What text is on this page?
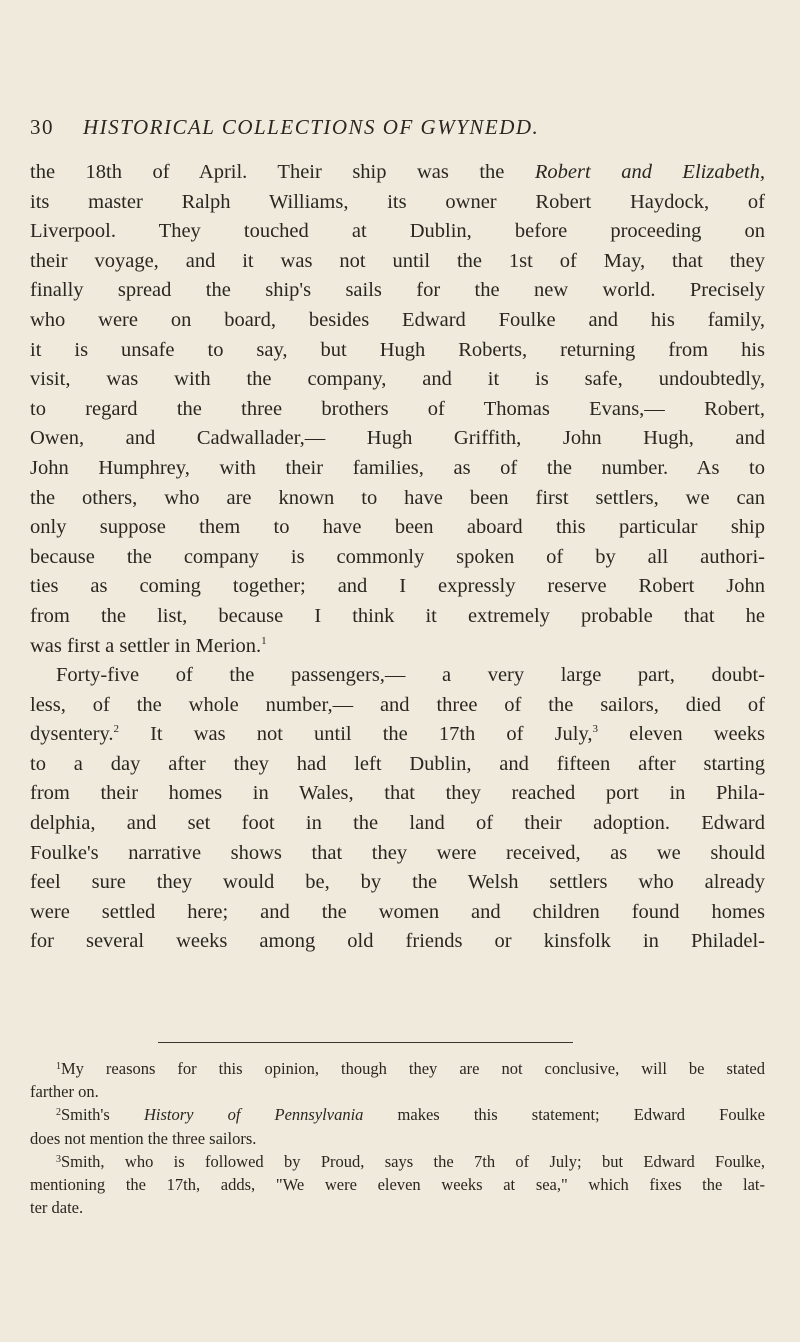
30 HISTORICAL COLLECTIONS OF GWYNEDD.
the 18th of April. Their ship was the Robert and Elizabeth,
its master Ralph Williams, its owner Robert Haydock, of
Liverpool. They touched at Dublin, before proceeding on
their voyage, and it was not until the 1st of May, that they
finally spread the ship's sails for the new world. Precisely
who were on board, besides Edward Foulke and his family,
it is unsafe to say, but Hugh Roberts, returning from his
visit, was with the company, and it is safe, undoubtedly,
to regard the three brothers of Thomas Evans,— Robert,
Owen, and Cadwallader,— Hugh Griffith, John Hugh, and
John Humphrey, with their families, as of the number. As to
the others, who are known to have been first settlers, we can
only suppose them to have been aboard this particular ship
because the company is commonly spoken of by all authori-
ties as coming together; and I expressly reserve Robert John
from the list, because I think it extremely probable that he
was first a settler in Merion.$^1$
Forty-five of the passengers,— a very large part, doubt-
less, of the whole number,— and three of the sailors, died of
dysentery.$^2$ It was not until the 17th of July,$^3$ eleven weeks
to a day after they had left Dublin, and fifteen after starting
from their homes in Wales, that they reached port in Phila-
delphia, and set foot in the land of their adoption. Edward
Foulke's narrative shows that they were received, as we should
feel sure they would be, by the Welsh settlers who already
were settled here; and the women and children found homes
for several weeks among old friends or kinsfolk in Philadel-
$^1$My reasons for this opinion, though they are not conclusive, will be stated
farther on.
$^2$Smith's History of Pennsylvania makes this statement; Edward Foulke
does not mention the three sailors.
$^3$Smith, who is followed by Proud, says the 7th of July; but Edward Foulke,
mentioning the 17th, adds, "We were eleven weeks at sea," which fixes the lat-
ter date.
